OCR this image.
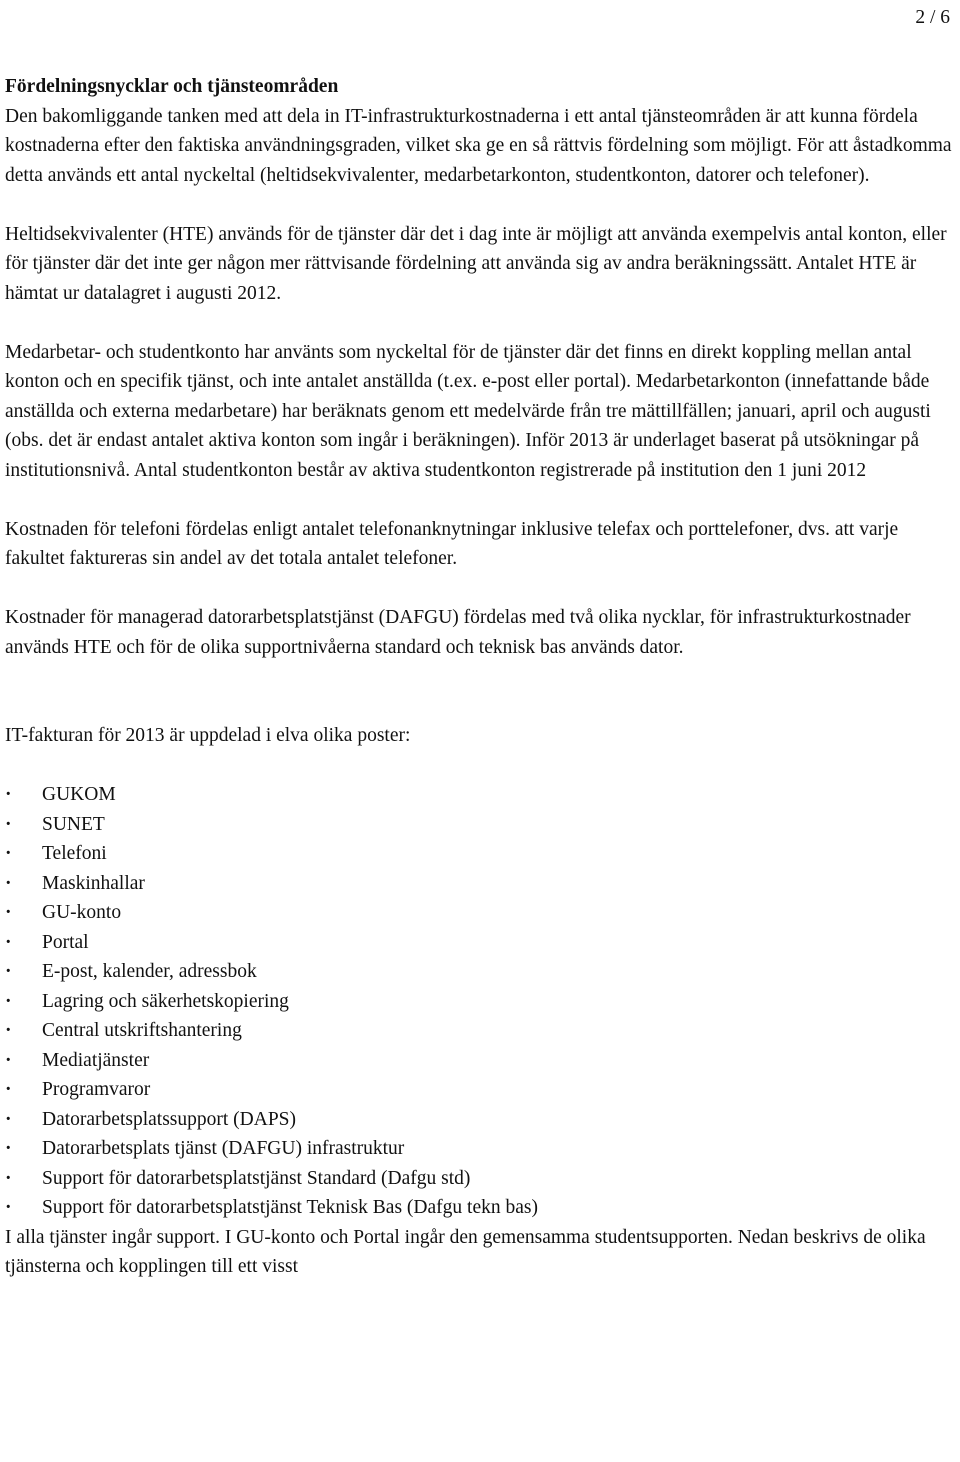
2 / 6

Fördelningsnycklar och tjänsteområden

Den bakomliggande tanken med att dela in IT-infrastrukturkostnaderna i ett antal tjänsteområden är att kunna fördela kostnaderna efter den faktiska användningsgraden, vilket ska ge en så rättvis fördelning som möjligt. För att åstadkomma detta används ett antal nyckeltal (heltidsekvivalenter, medarbetarkonton, studentkonton, datorer och telefoner).

Heltidsekvivalenter (HTE) används för de tjänster där det i dag inte är möjligt att använda exempelvis antal konton, eller för tjänster där det inte ger någon mer rättvisande fördelning att använda sig av andra beräkningssätt. Antalet HTE är hämtat ur datalagret i augusti 2012.

Medarbetar- och studentkonto har använts som nyckeltal för de tjänster där det finns en direkt koppling mellan antal konton och en specifik tjänst, och inte antalet anställda (t.ex. e-post eller portal). Medarbetarkonton (innefattande både anställda och externa medarbetare) har beräknats genom ett medelvärde från tre mättillfällen; januari, april och augusti (obs. det är endast antalet aktiva konton som ingår i beräkningen). Inför 2013 är underlaget baserat på utsökningar på institutionsnivå. Antal studentkonton består av aktiva studentkonton registrerade på institution den 1 juni 2012

Kostnaden för telefoni fördelas enligt antalet telefonanknytningar inklusive telefax och porttelefoner, dvs. att varje fakultet faktureras sin andel av det totala antalet telefoner.

Kostnader för managerad datorarbetsplatstjänst (DAFGU) fördelas med två olika nycklar, för infrastrukturkostnader används HTE och för de olika supportnivåerna standard och teknisk bas används dator.

IT-fakturan för 2013 är uppdelad i elva olika poster:

· GUKOM
· SUNET
· Telefoni
· Maskinhallar
· GU-konto
· Portal
· E-post, kalender, adressbok
· Lagring och säkerhetskopiering
· Central utskriftshantering
· Mediatjänster
· Programvaror
· Datorarbetsplatssupport (DAPS)
· Datorarbetsplats tjänst (DAFGU) infrastruktur
· Support för datorarbetsplatstjänst Standard (Dafgu std)
· Support för datorarbetsplatstjänst Teknisk Bas (Dafgu tekn bas)

I alla tjänster ingår support. I GU-konto och Portal ingår den gemensamma studentsupporten. Nedan beskrivs de olika tjänsterna och kopplingen till ett visst
